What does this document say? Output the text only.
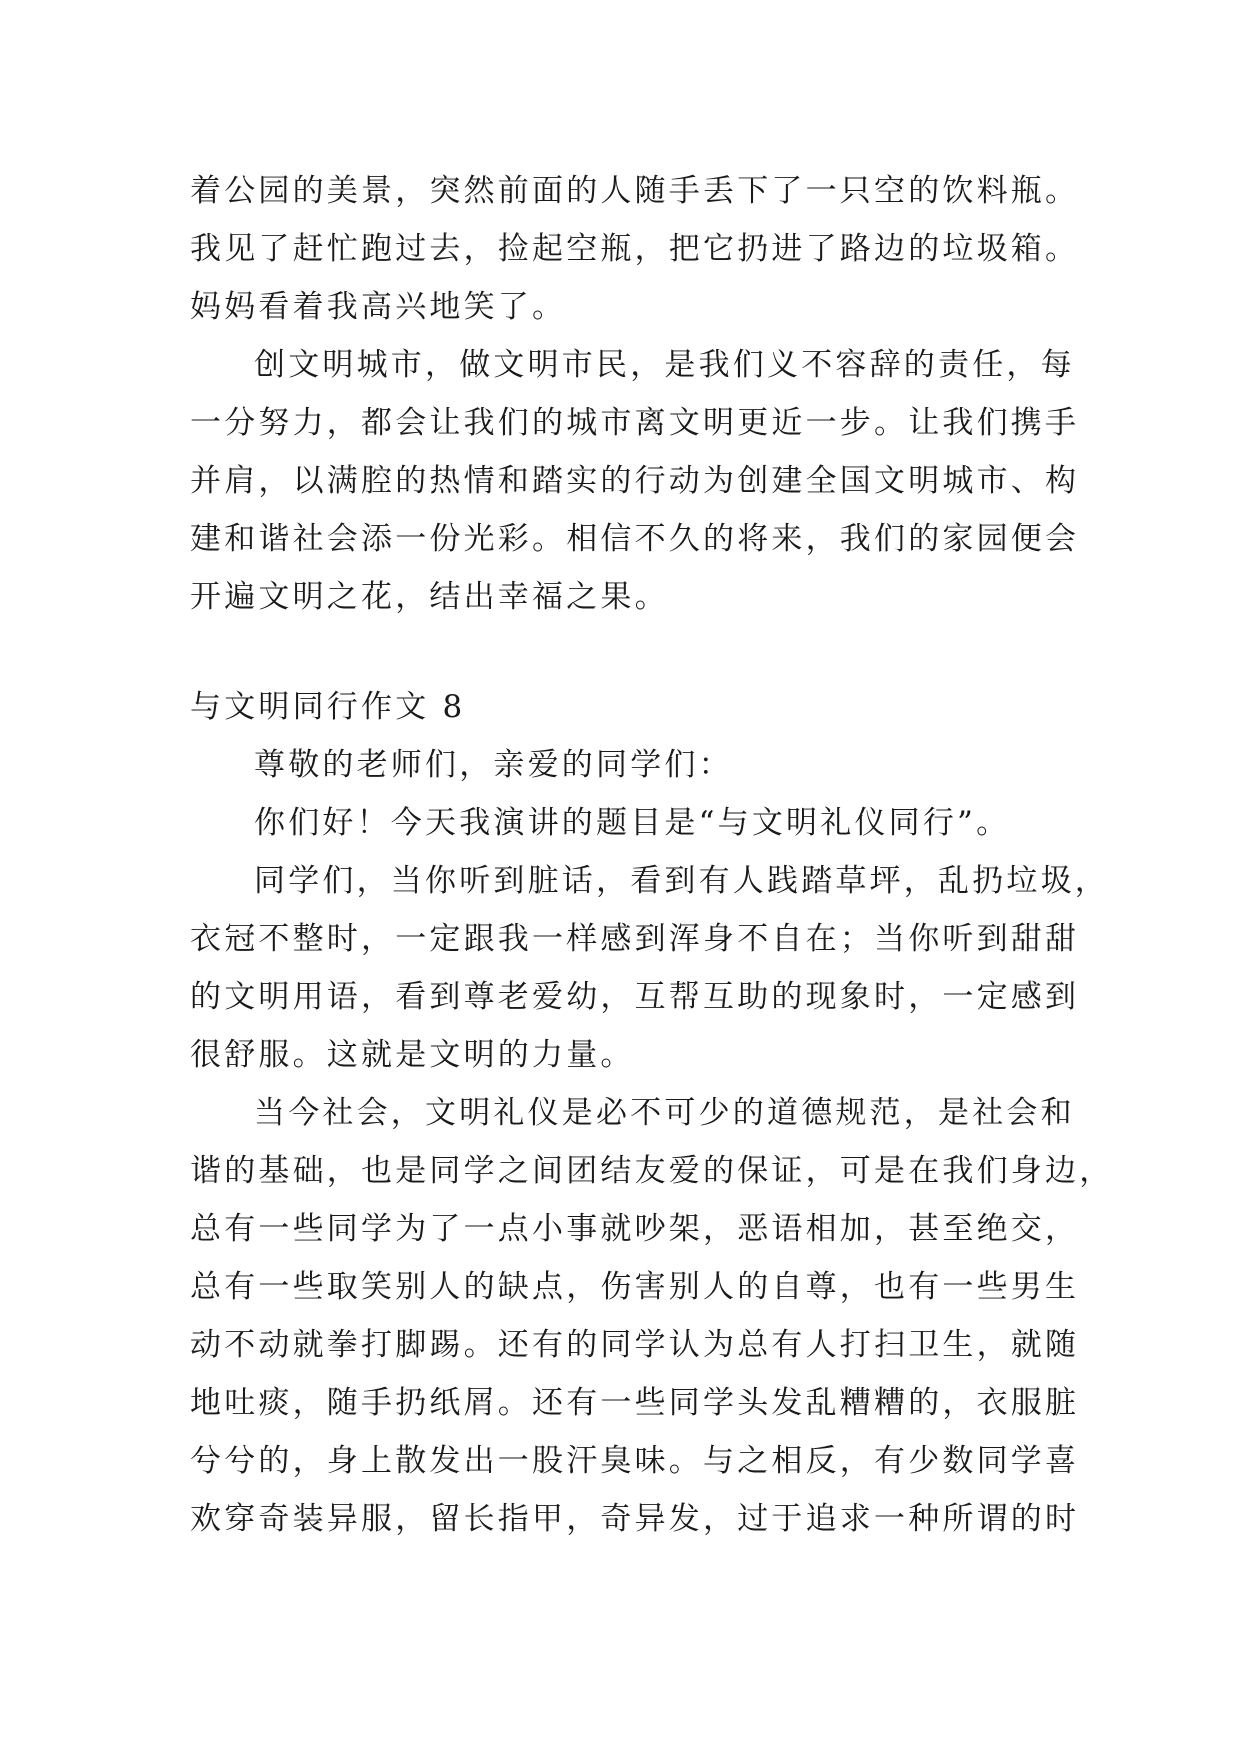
着公园的美景，突然前面的人随手丢下了一只空的饮料瓶。
我见了赶忙跑过去，捡起空瓶，把它扔进了路边的垃圾箱。
妈妈看着我高兴地笑了。
创文明城市，做文明市民，是我们义不容辞的责任，每
一分努力，都会让我们的城市离文明更近一步。让我们携手
并肩，以满腔的热情和踏实的行动为创建全国文明城市、构
建和谐社会添一份光彩。相信不久的将来，我们的家园便会
开遍文明之花，结出幸福之果。
与文明同行作文 8
尊敬的老师们，亲爱的同学们：
你们好！今天我演讲的题目是“与文明礼仪同行”。
同学们，当你听到脏话，看到有人践踏草坪，乱扔垃圾，
衣冠不整时，一定跟我一样感到浑身不自在；当你听到甜甜
的文明用语，看到尊老爱幼，互帮互助的现象时，一定感到
很舒服。这就是文明的力量。
当今社会，文明礼仪是必不可少的道德规范，是社会和
谐的基础，也是同学之间团结友爱的保证，可是在我们身边，
总有一些同学为了一点小事就吵架，恶语相加，甚至绝交，
总有一些取笑别人的缺点，伤害别人的自尊，也有一些男生
动不动就拳打脚踢。还有的同学认为总有人打扫卫生，就随
地吐痰，随手扔纸屑。还有一些同学头发乱糟糟的，衣服脏
兮兮的，身上散发出一股汗臭味。与之相反，有少数同学喜
欢穿奇装异服，留长指甲，奇异发，过于追求一种所谓的时
